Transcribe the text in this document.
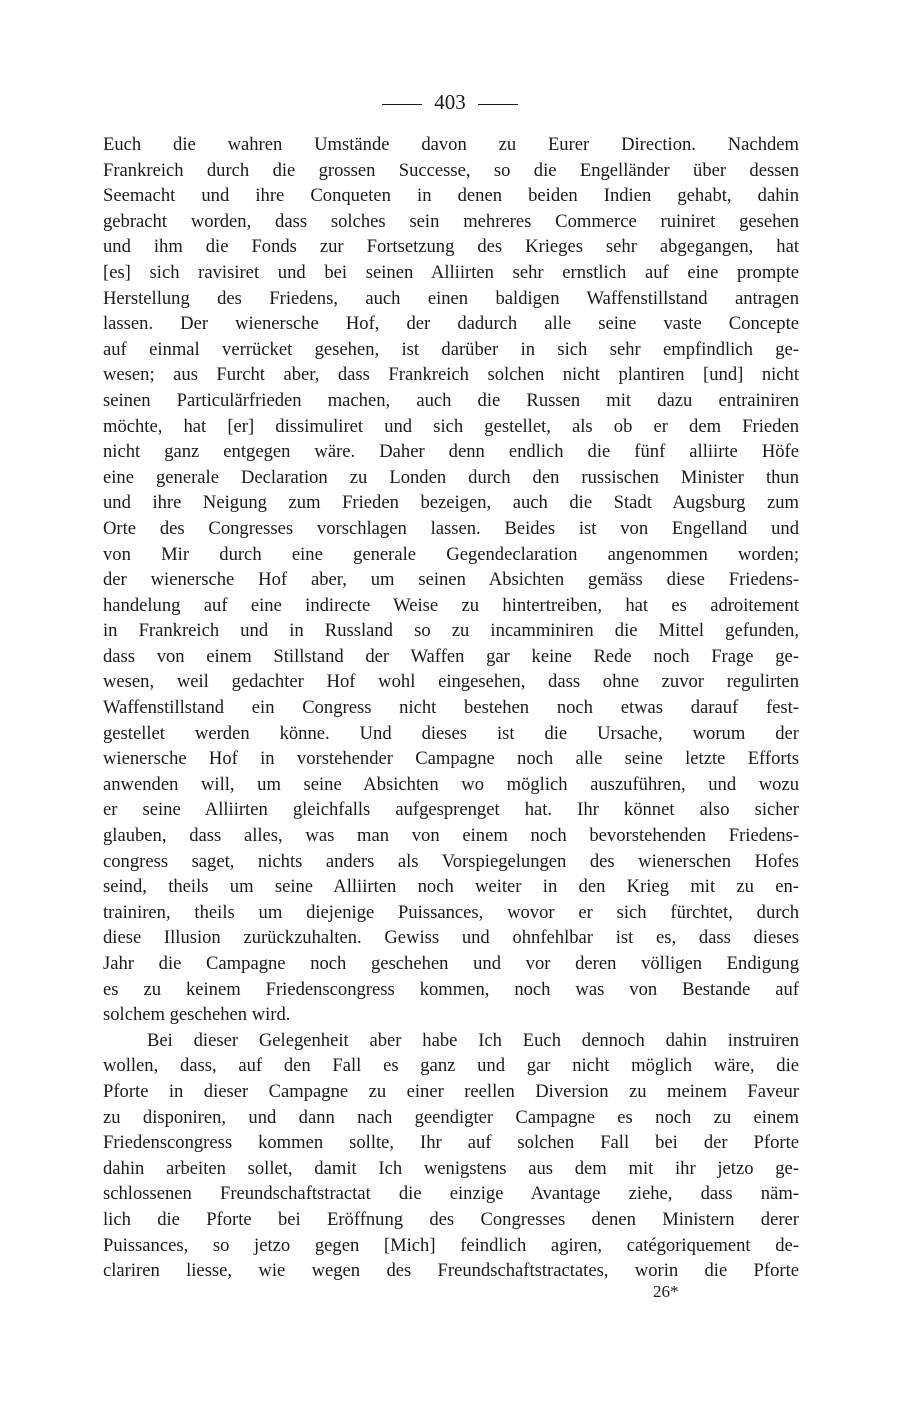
403
Euch die wahren Umstände davon zu Eurer Direction. Nachdem
Frankreich durch die grossen Successe, so die Engelländer über dessen
Seemacht und ihre Conqueten in denen beiden Indien gehabt, dahin
gebracht worden, dass solches sein mehreres Commerce ruiniret gesehen
und ihm die Fonds zur Fortsetzung des Krieges sehr abgegangen, hat
[es] sich ravisiret und bei seinen Alliirten sehr ernstlich auf eine prompte
Herstellung des Friedens, auch einen baldigen Waffenstillstand antragen
lassen. Der wienersche Hof, der dadurch alle seine vaste Concepte
auf einmal verrücket gesehen, ist darüber in sich sehr empfindlich ge-
wesen; aus Furcht aber, dass Frankreich solchen nicht plantiren [und] nicht
seinen Particulärfrieden machen, auch die Russen mit dazu entrainiren
möchte, hat [er] dissimuliret und sich gestellet, als ob er dem Frieden
nicht ganz entgegen wäre. Daher denn endlich die fünf alliirte Höfe
eine generale Declaration zu Londen durch den russischen Minister thun
und ihre Neigung zum Frieden bezeigen, auch die Stadt Augsburg zum
Orte des Congresses vorschlagen lassen. Beides ist von Engelland und
von Mir durch eine generale Gegendeclaration angenommen worden;
der wienersche Hof aber, um seinen Absichten gemäss diese Friedens-
handelung auf eine indirecte Weise zu hintertreiben, hat es adroitement
in Frankreich und in Russland so zu incamminiren die Mittel gefunden,
dass von einem Stillstand der Waffen gar keine Rede noch Frage ge-
wesen, weil gedachter Hof wohl eingesehen, dass ohne zuvor regulirten
Waffenstillstand ein Congress nicht bestehen noch etwas darauf fest-
gestellet werden könne. Und dieses ist die Ursache, worum der
wienersche Hof in vorstehender Campagne noch alle seine letzte Efforts
anwenden will, um seine Absichten wo möglich auszuführen, und wozu
er seine Alliirten gleichfalls aufgesprenget hat. Ihr könnet also sicher
glauben, dass alles, was man von einem noch bevorstehenden Friedens-
congress saget, nichts anders als Vorspiegelungen des wienerschen Hofes
seind, theils um seine Alliirten noch weiter in den Krieg mit zu en-
trainiren, theils um diejenige Puissances, wovor er sich fürchtet, durch
diese Illusion zurückzuhalten. Gewiss und ohnfehlbar ist es, dass dieses
Jahr die Campagne noch geschehen und vor deren völligen Endigung
es zu keinem Friedenscongress kommen, noch was von Bestande auf
solchem geschehen wird.
Bei dieser Gelegenheit aber habe Ich Euch dennoch dahin instruiren
wollen, dass, auf den Fall es ganz und gar nicht möglich wäre, die
Pforte in dieser Campagne zu einer reellen Diversion zu meinem Faveur
zu disponiren, und dann nach geendigter Campagne es noch zu einem
Friedenscongress kommen sollte, Ihr auf solchen Fall bei der Pforte
dahin arbeiten sollet, damit Ich wenigstens aus dem mit ihr jetzo ge-
schlossenen Freundschaftstractat die einzige Avantage ziehe, dass näm-
lich die Pforte bei Eröffnung des Congresses denen Ministern derer
Puissances, so jetzo gegen [Mich] feindlich agiren, catégoriquement de-
clariren liesse, wie wegen des Freundschaftstractates, worin die Pforte
26*
